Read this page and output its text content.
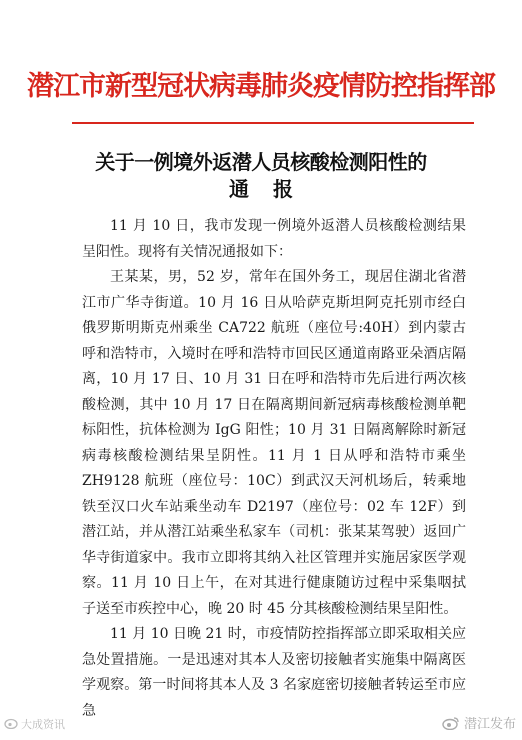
潜江市新型冠状病毒肺炎疫情防控指挥部
关于一例境外返潜人员核酸检测阳性的
通报

11 月 10 日，我市发现一例境外返潜人员核酸检测结果呈阳性。现将有关情况通报如下：

王某某，男，52 岁，常年在国外务工，现居住湖北省潜江市广华寺街道。10 月 16 日从哈萨克斯坦阿克托别市经白俄罗斯明斯克州乘坐 CA722 航班（座位号:40H）到内蒙古呼和浩特市，入境时在呼和浩特市回民区通道南路亚朵酒店隔离，10 月 17 日、10 月 31 日在呼和浩特市先后进行两次核酸检测，其中 10 月 17 日在隔离期间新冠病毒核酸检测单靶标阳性，抗体检测为 IgG 阳性；10 月 31 日隔离解除时新冠病毒核酸检测结果呈阴性。11 月 1 日从呼和浩特市乘坐 ZH9128 航班（座位号：10C）到武汉天河机场后，转乘地铁至汉口火车站乘坐动车 D2197（座位号：02 车 12F）到潜江站，并从潜江站乘坐私家车（司机：张某某驾驶）返回广华寺街道家中。我市立即将其纳入社区管理并实施居家医学观察。11 月 10 日上午，在对其进行健康随访过程中采集咽拭子送至市疾控中心，晚 20 时 45 分其核酸检测结果呈阳性。

11 月 10 日晚 21 时，市疫情防控指挥部立即采取相关应急处置措施。一是迅速对其本人及密切接触者实施集中隔离医学观察。第一时间将其本人及 3 名家庭密切接触者转运至市应急

大成资讯	潜江发布
